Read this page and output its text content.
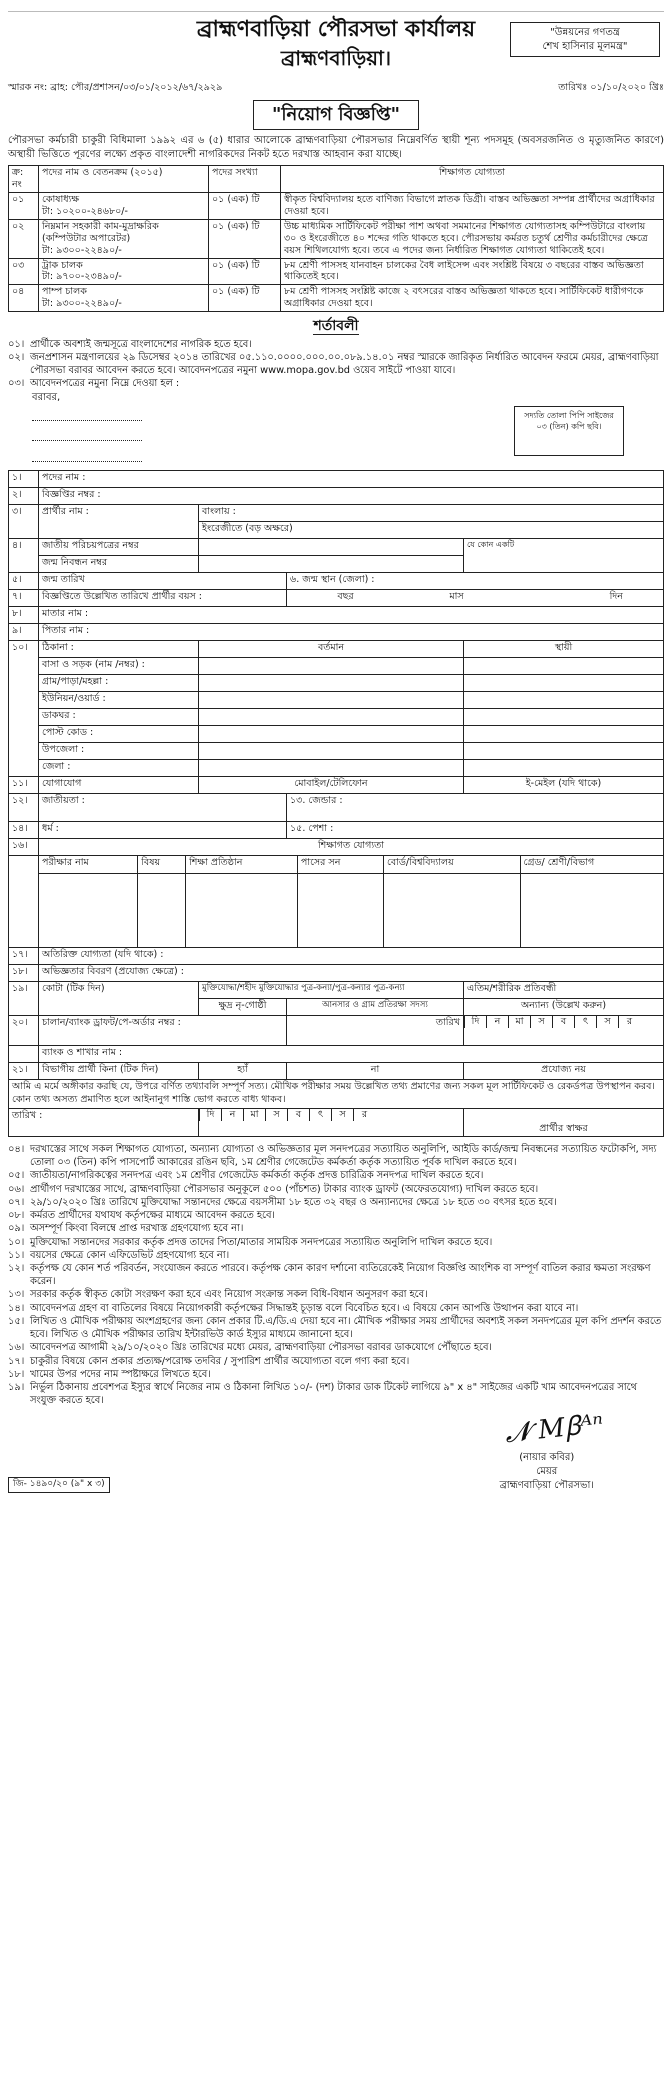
ব্রাহ্মণবাড়িয়া পৌরসভা কার্যালয়
ব্রাহ্মণবাড়িয়া।
"উন্নয়নের গণতন্ত্র
শেখ হাসিনার মূলমন্ত্র"
স্মারক নং: ব্রাহ: পৌর/প্রশাসন/০৩/০১/২০১২/৬৭/২৯২৯	তারিখঃ ০১/১০/২০২০ খ্রিঃ
"নিয়োগ বিজ্ঞপ্তি"

পৌরসভা কর্মচারী চাকুরী বিধিমালা ১৯৯২ এর ৬ (৫) ধারার আলোকে ব্রাহ্মণবাড়িয়া পৌরসভার নিম্নেবর্ণিত স্থায়ী শূন্য পদসমূহ (অবসরজনিত ও মৃত্যুজনিত কারণে) অস্থায়ী ভিত্তিতে পূরণের লক্ষ্যে প্রকৃত বাংলাদেশী নাগরিকদের নিকট হতে দরখাস্ত আহবান করা যাচ্ছে।

ক্র: নং	পদের নাম ও বেতনক্রম (২০১৫)	পদের সংখ্যা	শিক্ষাগত যোগ্যতা
০১	কোষাধ্যক্ষ
টা: ১০২০০-২৪৬৮০/-	০১ (এক) টি	স্বীকৃত বিশ্ববিদ্যালয় হতে বাণিজ্য বিভাগে স্নাতক ডিগ্রী। বাস্তব অভিজ্ঞতা সম্পন্ন প্রার্থীদের অগ্রাধিকার দেওয়া হবে।
০২	নিম্নমান সহকারী কাম-মুদ্রাক্ষরিক (কম্পিউটার অপারেটর)
টা: ৯৩০০-২২৪৯০/-	০১ (এক) টি	উচ্চ মাধ্যমিক সার্টিফিকেট পরীক্ষা পাশ অথবা সমমানের শিক্ষাগত যোগ্যতাসহ কম্পিউটারে বাংলায় ৩০ ও ইংরেজীতে ৪০ শব্দের গতি থাকতে হবে। পৌরসভায় কর্মরত চতুর্থ শ্রেণীর কর্মচারীদের ক্ষেত্রে বয়স শিথিলযোগ্য হবে। তবে এ পদের জন্য নির্ধারিত শিক্ষাগত যোগ্যতা থাকিতেই হবে।
০৩	ট্রাক চালক
টা: ৯৭০০-২৩৪৯০/-	০১ (এক) টি	৮ম শ্রেণী পাসসহ যানবাহন চালকের বৈধ লাইসেন্স এবং সংশ্লিষ্ট বিষয়ে ৩ বছরের বাস্তব অভিজ্ঞতা থাকিতেই হবে।
০৪	পাম্প চালক
টা: ৯৩০০-২২৪৯০/-	০১ (এক) টি	৮ম শ্রেণী পাসসহ সংশ্লিষ্ট কাজে ২ বৎসরের বাস্তব অভিজ্ঞতা থাকতে হবে। সার্টিফিকেট ধারীগণকে অগ্রাধিকার দেওয়া হবে।
শর্তাবলী
০১। প্রার্থীকে অবশ্যই জন্মসূত্রে বাংলাদেশের নাগরিক হতে হবে।
০২। জনপ্রশাসন মন্ত্রণালয়ের ২৯ ডিসেম্বর ২০১৪ তারিখের ০৫.১১০.০০০০.০০০.০০.০৮৯.১৪.০১ নম্বর স্মারকে জারিকৃত নির্ধারিত আবেদন ফরমে মেয়র, ব্রাহ্মণবাড়িয়া পৌরসভা বরাবর আবেদন করতে হবে। আবেদনপত্রের নমুনা www.mopa.gov.bd ওয়েব সাইটে পাওয়া যাবে।
০৩। আবেদনপত্রের নমুনা নিম্নে দেওয়া হল :
বরাবর,
সদ্যতি তোলা পিপি সাইজের ০৩ (তিন) কপি ছবি।
১।	পদের নাম :
২।	বিজ্ঞপ্তির নম্বর :
৩।	প্রার্থীর নাম :	বাংলায় :
ইংরেজীতে (বড় অক্ষরে)
৪।	জাতীয় পরিচয়পত্রের নম্বর		যে কোন একটি
জন্ম নিবন্ধন নম্বর	
৫।	জন্ম তারিখ	৬. জন্ম স্থান (জেলা) :
৭।	বিজ্ঞপ্তিতে উল্লেখিত তারিখে প্রার্থীর বয়স :	বছর	মাস	দিন
৮।	মাতার নাম :
৯।	পিতার নাম :
১০।	ঠিকানা :	বর্তমান	স্থায়ী
বাসা ও সড়ক (নাম /নম্বর) :		
গ্রাম/পাড়া/মহল্লা :		
ইউনিয়ন/ওয়ার্ড :		
ডাকঘর :		
পোস্ট কোড :		
উপজেলা :		
জেলা :		
১১।	যোগাযোগ	মোবাইল/টেলিফোন	ই-মেইল (যদি থাকে)
১২।	জাতীয়তা :	১৩. জেন্ডার :
১৪।	ধর্ম :	১৫. পেশা :
১৬।	শিক্ষাগত যোগ্যতা

পরীক্ষার নাম	বিষয়	শিক্ষা প্রতিষ্ঠান	পাসের সন	বোর্ড/বিশ্ববিদ্যালয়	গ্রেড/ শ্রেণী/বিভাগ

১৭।	অতিরিক্ত যোগ্যতা (যদি থাকে) :
১৮।	অভিজ্ঞতার বিবরণ (প্রযোজ্য ক্ষেত্রে) :
১৯।	কোটা (টিক দিন)	মুক্তিযোদ্ধা/শহীদ মুক্তিযোদ্ধার পুত্র-কন্যা/পুত্র-কন্যার পুত্র-কন্যা	এতিম/শরীরিক প্রতিবন্ধী
ক্ষুদ্র নৃ-গোষ্ঠী	আনসার ও গ্রাম প্রতিরক্ষা সদস্য	অন্যান্য (উল্লেখ করুন)
২০।	চালান/ব্যাংক ড্রাফট/পে-অর্ডার নম্বর :	তারিখ	দি	ন	মা	স	ব	ৎ	স	র

	ব্যাংক ও শাখার নাম :
২১।	বিভাগীয় প্রার্থী কিনা (টিক দিন)	হ্যাঁ	না	প্রযোজ্য নয়
আমি এ মর্মে অঙ্গীকার করছি যে, উপরে বর্ণিত তথ্যাবলি সম্পূর্ণ সত্য। মৌখিক পরীক্ষার সময় উল্লেখিত তথ্য প্রমাণের জন্য সকল মূল সার্টিফিকেট ও রেকর্ডপত্র উপস্থাপন করব। কোন তথ্য অসত্য প্রমাণিত হলে আইনানুগ শাস্তি ভোগ করতে বাধ্য থাকব।
তারিখ :	দি	ন	মা	স	ব	ৎ	স	র
	প্রার্থীর স্বাক্ষর
০৪। দরখাস্তের সাথে সকল শিক্ষাগত যোগ্যতা, অন্যান্য যোগ্যতা ও অভিজ্ঞতার মূল সনদপত্রের সত্যায়িত অনুলিপি, আইডি কার্ড/জন্ম নিবন্ধনের সত্যায়িত ফটোকপি, সদ্য তোলা ০৩ (তিন) কপি পাসপোর্ট আকারের রঙিন ছবি, ১ম শ্রেণীর গেজেটেড কর্মকর্তা কর্তৃক সত্যায়িত পূর্বক দাখিল করতে হবে।
০৫। জাতীয়তা/নাগরিকত্বের সনদপত্র এবং ১ম শ্রেণীর গেজেটেড কর্মকর্তা কর্তৃক প্রদত্ত চারিত্রিক সনদপত্র দাখিল করতে হবে।
০৬। প্রার্থীগণ দরখাস্তের সাথে, ব্রাহ্মণবাড়িয়া পৌরসভার অনুকূলে ৫০০ (পাঁচশত) টাকার ব্যাংক ড্রাফট (অফেরতযোগ্য) দাখিল করতে হবে।
০৭। ২৯/১০/২০২০ খ্রিঃ তারিখে মুক্তিযোদ্ধা সন্তানদের ক্ষেত্রে বয়সসীমা ১৮ হতে ৩২ বছর ও অন্যান্যদের ক্ষেত্রে ১৮ হতে ৩০ বৎসর হতে হবে।
০৮। কর্মরত প্রার্থীদের যথাযথ কর্তৃপক্ষের মাধ্যমে আবেদন করতে হবে।
০৯। অসম্পূর্ণ কিংবা বিলম্বে প্রাপ্ত দরখাস্ত গ্রহণযোগ্য হবে না।
১০। মুক্তিযোদ্ধা সন্তানদের সরকার কর্তৃক প্রদত্ত তাদের পিতা/মাতার সাময়িক সনদপত্রের সত্যায়িত অনুলিপি দাখিল করতে হবে।
১১। বয়সের ক্ষেত্রে কোন এফিডেভিট গ্রহণযোগ্য হবে না।
১২। কর্তৃপক্ষ যে কোন শর্ত পরিবর্তন, সংযোজন করতে পারবে। কর্তৃপক্ষ কোন কারণ দর্শানো ব্যতিরেকেই নিয়োগ বিজ্ঞপ্তি আংশিক বা সম্পূর্ণ বাতিল করার ক্ষমতা সংরক্ষণ করেন।
১৩। সরকার কর্তৃক স্বীকৃত কোটা সংরক্ষণ করা হবে এবং নিয়োগ সংক্রান্ত সকল বিধি-বিধান অনুসরণ করা হবে।
১৪। আবেদনপত্র গ্রহণ বা বাতিলের বিষয়ে নিয়োগকারী কর্তৃপক্ষের সিদ্ধান্তই চূড়ান্ত বলে বিবেচিত হবে। এ বিষয়ে কোন আপত্তি উত্থাপন করা যাবে না।
১৫। লিখিত ও মৌখিক পরীক্ষায় অংশগ্রহণের জন্য কোন প্রকার টি.এ/ডি.এ দেয়া হবে না। মৌখিক পরীক্ষার সময় প্রার্থীদের অবশ্যই সকল সনদপত্রের মূল কপি প্রদর্শন করতে হবে। লিখিত ও মৌখিক পরীক্ষার তারিখ ইন্টারভিউ কার্ড ইস্যুর মাধ্যমে জানানো হবে।
১৬। আবেদনপত্র আগামী ২৯/১০/২০২০ খ্রিঃ তারিখের মধ্যে মেয়র, ব্রাহ্মণবাড়িয়া পৌরসভা বরাবর ডাকযোগে পৌঁছাতে হবে।
১৭। চাকুরীর বিষয়ে কোন প্রকার প্রত্যক্ষ/পরোক্ষ তদবির / সুপারিশ প্রার্থীর অযোগ্যতা বলে গণ্য করা হবে।
১৮। খামের উপর পদের নাম স্পষ্টাক্ষরে লিখতে হবে।
১৯। নির্ভুল ঠিকানায় প্রবেশপত্র ইস্যুর স্বার্থে নিজের নাম ও ঠিকানা লিখিত ১০/- (দশ) টাকার ডাক টিকেট লাগিয়ে ৯" x ৪" সাইজের একটি খাম আবেদনপত্রের সাথে সংযুক্ত করতে হবে।
𝓝 Mꞵᴬⁿ
(নায়ার কবির)
মেয়র
ব্রাহ্মণবাড়িয়া পৌরসভা।
জি- ১৪৯০/২০ (৯" x ৩)
